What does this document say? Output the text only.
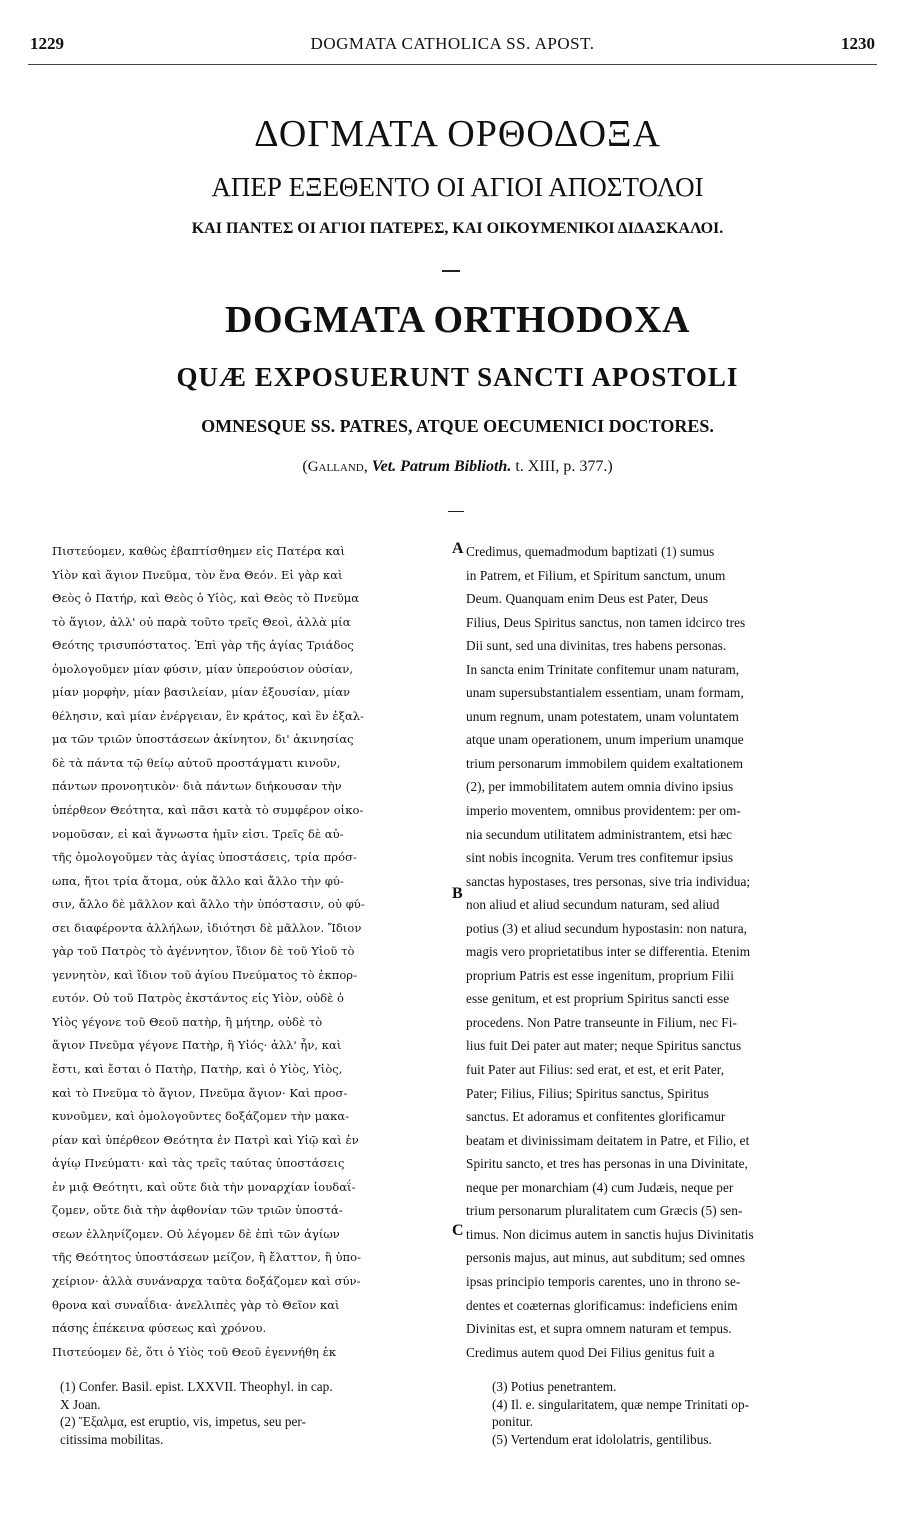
1229	DOGMATA CATHOLICA SS. APOST.	1230
ΔΟΓΜΑΤΑ ΟΡΘΟΔΟΞΑ
ΑΠΕΡ ΕΞΕΘΕΝΤΟ ΟΙ ΑΓΙΟΙ ΑΠΟΣΤΟΛΟΙ
ΚΑΙ ΠΑΝΤΕΣ ΟΙ ΑΓΙΟΙ ΠΑΤΕΡΕΣ, ΚΑΙ ΟΙΚΟΥΜΕΝΙΚΟΙ ΔΙΔΑΣΚΑΛΟΙ.
DOGMATA ORTHODOXA
QUÆ EXPOSUERUNT SANCTI APOSTOLI
OMNESQUE SS. PATRES, ATQUE OECUMENICI DOCTORES.
(Galland, Vet. Patrum Biblioth. t. XIII, p. 377.)
Πιστεύομεν, καθὼς ἐβαπτίσθημεν εἰς Πατέρα καὶ
Υἱὸν καὶ ἅγιον Πνεῦμα, τὸν ἕνα Θεόν. Εἰ γὰρ καὶ
Θεὸς ὁ Πατήρ, καὶ Θεὸς ὁ Υἱὸς, καὶ Θεὸς τὸ Πνεῦμα
τὸ ἅγιον, ἀλλ' οὐ παρὰ τοῦτο τρεῖς Θεοὶ, ἀλλὰ μία
Θεότης τρισυπόστατος. Ἐπὶ γὰρ τῆς ἁγίας Τριάδος
ὁμολογοῦμεν μίαν φύσιν, μίαν ὑπερούσιον οὐσίαν,
μίαν μορφὴν, μίαν βασιλείαν, μίαν ἐξουσίαν, μίαν
θέλησιν, καὶ μίαν ἐνέργειαν, ἓν κράτος, καὶ ἓν ἐξαλ-
μα τῶν τριῶν ὑποστάσεων ἀκίνητον, δι' ἀκινησίας
δὲ τὰ πάντα τῷ θείῳ αὐτοῦ προστάγματι κινοῦν,
πάντων προνοητικὸν· διὰ πάντων διήκουσαν τὴν
ὑπέρθεον Θεότητα, καὶ πᾶσι κατὰ τὸ συμφέρον οἰκο-
νομοῦσαν, εἰ καὶ ἄγνωστα ἡμῖν εἰσι. Τρεῖς δὲ αὐ-
τῆς ὁμολογοῦμεν τὰς ἁγίας ὑποστάσεις, τρία πρόσ-
ωπα, ἤτοι τρία ἄτομα, οὐκ ἄλλο καὶ ἄλλο τὴν φύ-
σιν, ἄλλο δὲ μᾶλλον καὶ ἄλλο τὴν ὑπόστασιν, οὐ φύ-
σει διαφέροντα ἀλλήλων, ἰδιότησι δὲ μᾶλλον. Ἴδιον
γὰρ τοῦ Πατρὸς τὸ ἀγέννητον, ἴδιον δὲ τοῦ Υἱοῦ τὸ
γεννητὸν, καὶ ἴδιον τοῦ ἁγίου Πνεύματος τὸ ἐκπορ-
ευτόν. Οὐ τοῦ Πατρὸς ἐκστάντος εἰς Υἱὸν, οὐδὲ ὁ
Υἱὸς γέγονε τοῦ Θεοῦ πατὴρ, ἢ μήτηρ, οὐδὲ τὸ
ἅγιον Πνεῦμα γέγονε Πατὴρ, ἢ Υἱός· ἀλλ' ἦν, καὶ
ἔστι, καὶ ἔσται ὁ Πατὴρ, Πατὴρ, καὶ ὁ Υἱὸς, Υἱὸς,
καὶ τὸ Πνεῦμα τὸ ἅγιον, Πνεῦμα ἅγιον· Καὶ προσ-
κυνοῦμεν, καὶ ὁμολογοῦντες δοξάζομεν τὴν μακα-
ρίαν καὶ ὑπέρθεον Θεότητα ἐν Πατρὶ καὶ Υἱῷ καὶ ἐν
ἁγίῳ Πνεύματι· καὶ τὰς τρεῖς ταύτας ὑποστάσεις
ἐν μιᾷ Θεότητι, καὶ οὔτε διὰ τὴν μοναρχίαν ἰουδαΐ-
ζομεν, οὔτε διὰ τὴν ἀφθονίαν τῶν τριῶν ὑποστά-
σεων ἑλληνίζομεν. Οὐ λέγομεν δὲ ἐπὶ τῶν ἁγίων
τῆς Θεότητος ὑποστάσεων μείζον, ἢ ἔλαττον, ἢ ὑπο-
χείριον· ἀλλὰ συνάναρχα ταῦτα δοξάζομεν καὶ σύν-
θρονα καὶ συναΐδια· ἀνελλιπὲς γὰρ τὸ Θεῖον καὶ
πάσης ἐπέκεινα φύσεως καὶ χρόνου.
Πιστεύομεν δὲ, ὅτι ὁ Υἱὸς τοῦ Θεοῦ ἐγεννήθη ἐκ
Credimus, quemadmodum baptizati (1) sumus
in Patrem, et Filium, et Spiritum sanctum, unum
Deum. Quanquam enim Deus est Pater, Deus
Filius, Deus Spiritus sanctus, non tamen idcirco tres
Dii sunt, sed una divinitas, tres habens personas.
In sancta enim Trinitate confitemur unam naturam,
unam supersubstantialem essentiam, unam formam,
unum regnum, unam potestatem, unam voluntatem
atque unam operationem, unum imperium unamque
trium personarum immobilem quidem exaltationem
(2), per immobilitatem autem omnia divino ipsius
imperio moventem, omnibus providentem: per om-
nia secundum utilitatem administrantem, etsi hæc
sint nobis incognita. Verum tres confitemur ipsius
sanctas hypostases, tres personas, sive tria individua;
non aliud et aliud secundum naturam, sed aliud
potius (3) et aliud secundum hypostasin: non natura,
magis vero proprietatibus inter se differentia. Etenim
proprium Patris est esse ingenitum, proprium Filii
esse genitum, et est proprium Spiritus sancti esse
procedens. Non Patre transeunte in Filium, nec Fi-
lius fuit Dei pater aut mater; neque Spiritus sanctus
fuit Pater aut Filius: sed erat, et est, et erit Pater,
Pater; Filius, Filius; Spiritus sanctus, Spiritus
sanctus. Et adoramus et confitentes glorificamur
beatam et divinissimam deitatem in Patre, et Filio, et
Spiritu sancto, et tres has personas in una Divinitate,
neque per monarchiam (4) cum Judæis, neque per
trium personarum pluralitatem cum Græcis (5) sen-
timus. Non dicimus autem in sanctis hujus Divinitatis
personis majus, aut minus, aut subditum; sed omnes
ipsas principio temporis carentes, uno in throno se-
dentes et coæternas glorificamus: indeficiens enim
Divinitas est, et supra omnem naturam et tempus.
Credimus autem quod Dei Filius genitus fuit a
A
B
C
(1) Confer. Basil. epist. LXXVII. Theophyl. in cap.
X Joan.
(2) Ἔξαλμα, est eruptio, vis, impetus, seu per-
citissima mobilitas.
(3) Potius penetrantem.
(4) Il. e. singularitatem, quæ nempe Trinitati op-
ponitur.
(5) Vertendum erat idololatris, gentilibus.
